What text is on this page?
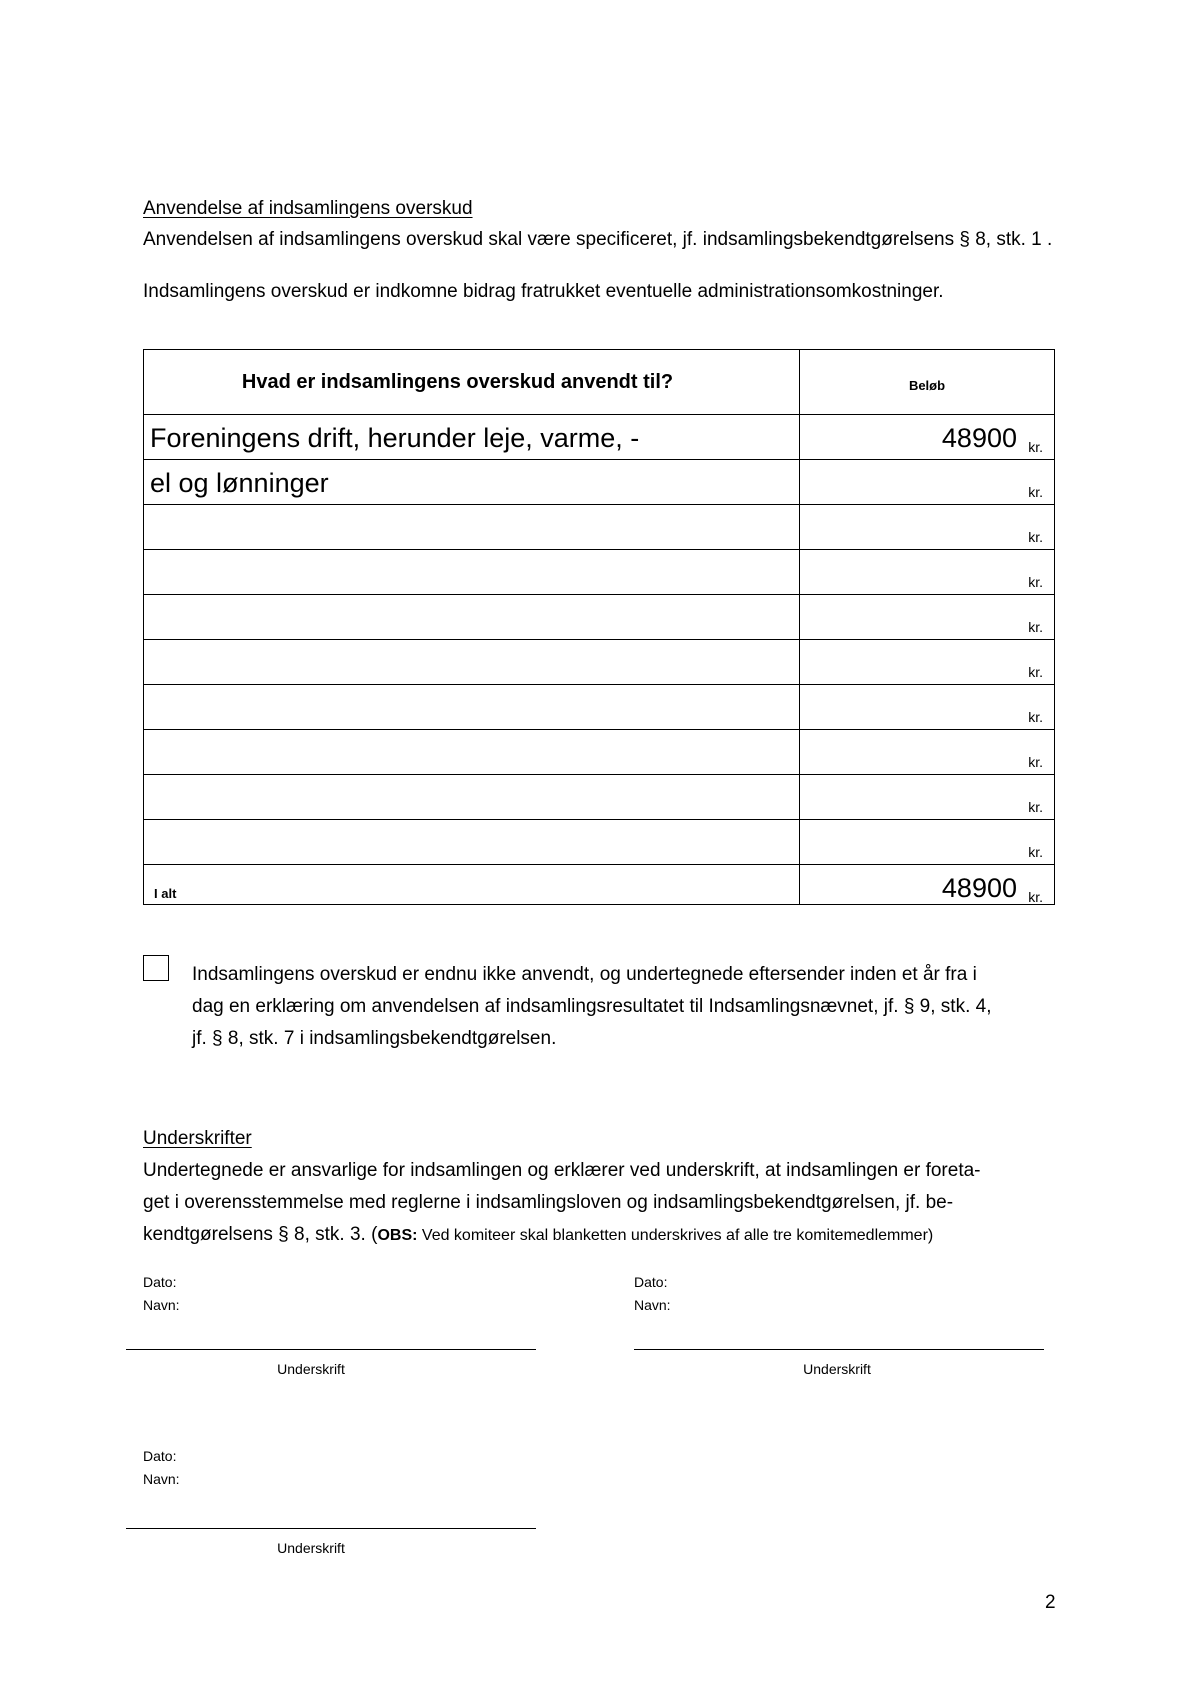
Anvendelse af indsamlingens overskud
Anvendelsen af indsamlingens overskud skal være specificeret, jf. indsamlingsbekendtgørelsens § 8, stk. 1 .
Indsamlingens overskud er indkomne bidrag fratrukket eventuelle administrationsomkostninger.
Hvad er indsamlingens overskud anvendt til?	Beløb
Foreningens drift, herunder leje, varme, -	48900 kr.
el og lønninger	kr.
kr.
kr.
kr.
kr.
kr.
kr.
kr.
kr.
I alt	48900 kr.
Indsamlingens overskud er endnu ikke anvendt, og undertegnede eftersender inden et år fra i
dag en erklæring om anvendelsen af indsamlingsresultatet til Indsamlingsnævnet, jf. § 9, stk. 4,
jf. § 8, stk. 7 i indsamlingsbekendtgørelsen.
Underskrifter
Undertegnede er ansvarlige for indsamlingen og erklærer ved underskrift, at indsamlingen er foreta-
get i overensstemmelse med reglerne i indsamlingsloven og indsamlingsbekendtgørelsen, jf. be-
kendtgørelsens § 8, stk. 3. (OBS: Ved komiteer skal blanketten underskrives af alle tre komitemedlemmer)
Dato:
Navn:
Underskrift
Dato:
Navn:
Underskrift
Dato:
Navn:
Underskrift
2
